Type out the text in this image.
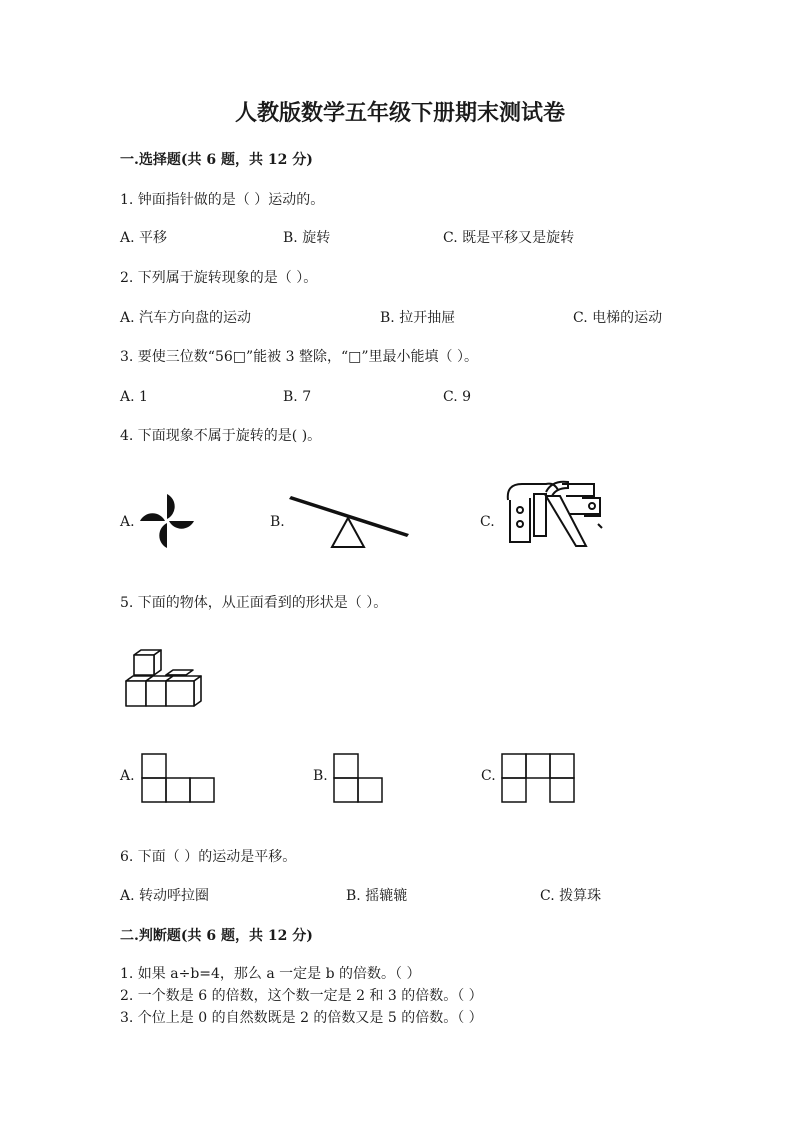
人教版数学五年级下册期末测试卷
一.选择题(共 6 题，共 12 分)
1. 钟面指针做的是（ ）运动的。
A. 平移	B. 旋转	C. 既是平移又是旋转
2. 下列属于旋转现象的是（ ）。
A. 汽车方向盘的运动	B. 拉开抽屉	C. 电梯的运动
3. 要使三位数“56□”能被 3 整除，“□”里最小能填（ ）。
A. 1	B. 7	C. 9
4. 下面现象不属于旋转的是( )。
A.	B.	C.
5. 下面的物体，从正面看到的形状是（ ）。
A.	B.	C.
6. 下面（ ）的运动是平移。
A. 转动呼拉圈	B. 摇辘辘	C. 拨算珠
二.判断题(共 6 题，共 12 分)
1. 如果 a÷b=4，那么 a 一定是 b 的倍数。（ ）
2. 一个数是 6 的倍数，这个数一定是 2 和 3 的倍数。（ ）
3. 个位上是 0 的自然数既是 2 的倍数又是 5 的倍数。（ ）
